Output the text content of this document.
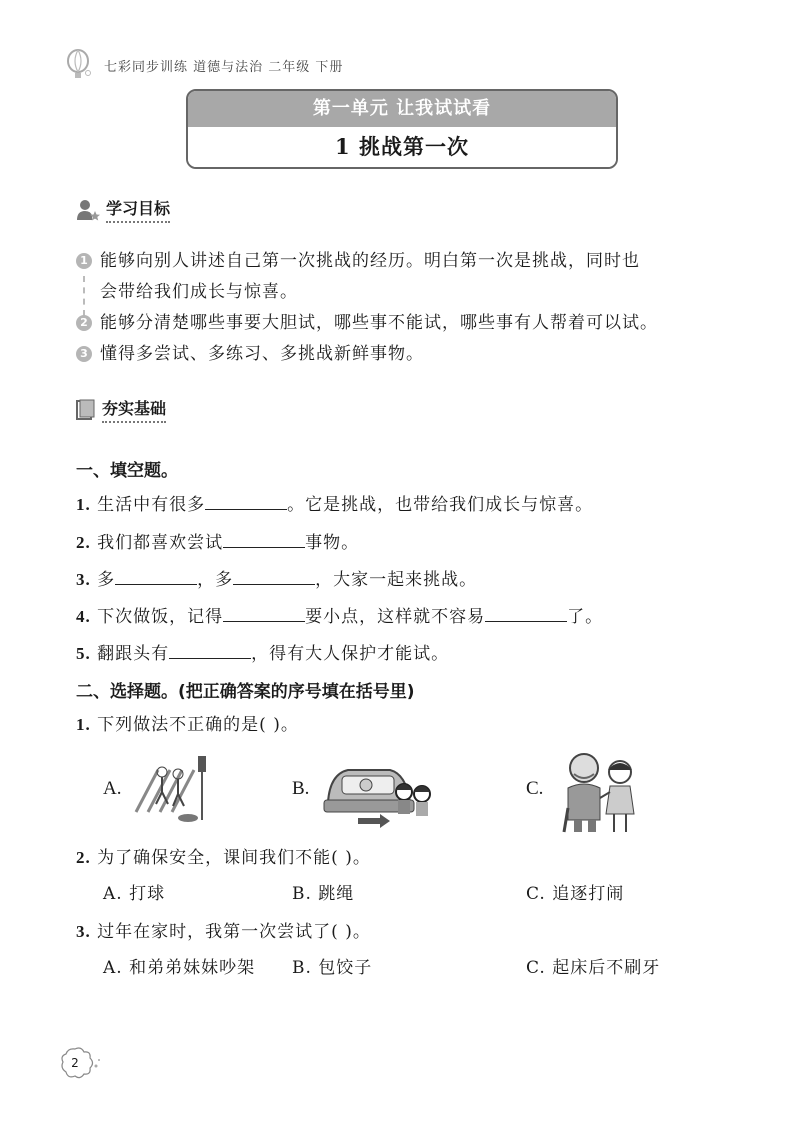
七彩同步训练 道德与法治 二年级 下册
第一单元 让我试试看
1 挑战第一次
学习目标
1 能够向别人讲述自己第一次挑战的经历。明白第一次是挑战，同时也
会带给我们成长与惊喜。
2 能够分清楚哪些事要大胆试，哪些事不能试，哪些事有人帮着可以试。
3 懂得多尝试、多练习、多挑战新鲜事物。
夯实基础
一、填空题。
1. 生活中有很多	。它是挑战，也带给我们成长与惊喜。
2. 我们都喜欢尝试	事物。
3. 多	，多	，大家一起来挑战。
4. 下次做饭，记得	要小点，这样就不容易	了。
5. 翻跟头有	，得有大人保护才能试。
二、选择题。(把正确答案的序号填在括号里)
1. 下列做法不正确的是( )。
A.	B.	C.
2. 为了确保安全，课间我们不能( )。
A. 打球	B. 跳绳	C. 追逐打闹
3. 过年在家时，我第一次尝试了( )。
A. 和弟弟妹妹吵架 B. 包饺子	C. 起床后不刷牙
2
